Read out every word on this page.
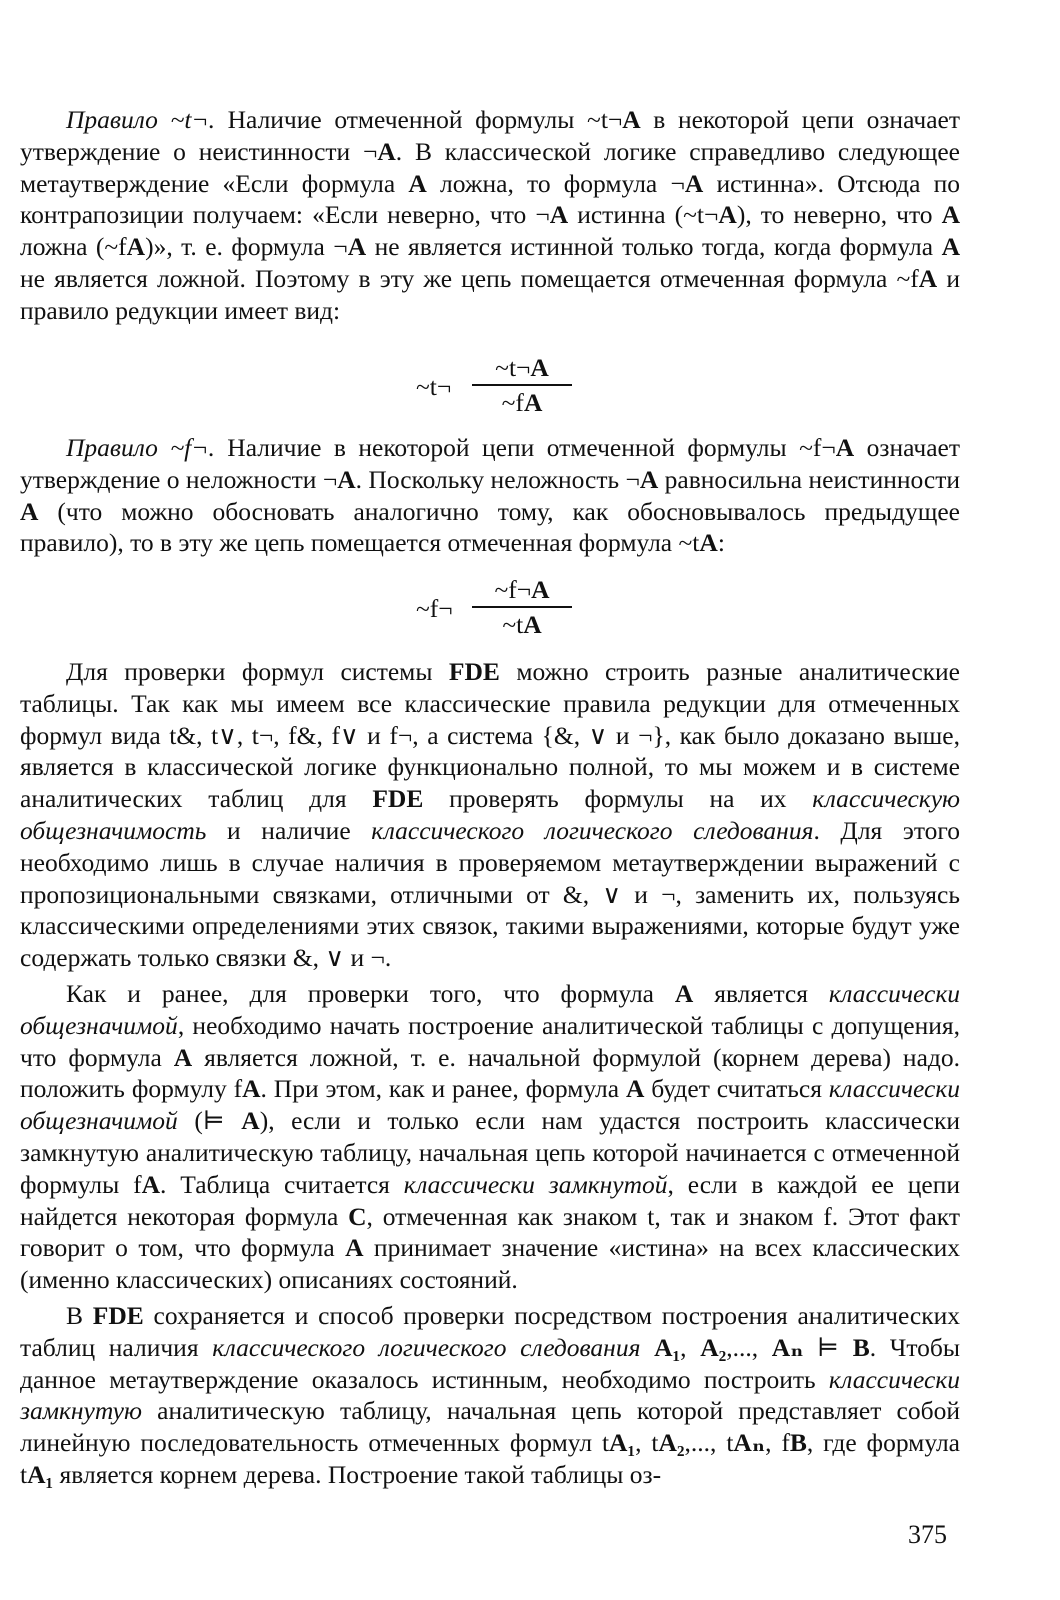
Правило ~t¬. Наличие отмеченной формулы ~t¬A в некоторой цепи означает утверждение о неистинности ¬A. В классической логике справедливо следующее метаутверждение «Если формула A ложна, то формула ¬A истинна». Отсюда по контрапозиции получаем: «Если неверно, что ¬A истинна (~t¬A), то неверно, что A ложна (~fA)», т. е. формула ¬A не является истинной только тогда, когда формула A не является ложной. Поэтому в эту же цепь помещается отмеченная формула ~fA и правило редукции имеет вид:

~t¬
~t¬A
~fA

Правило ~f¬. Наличие в некоторой цепи отмеченной формулы ~f¬A означает утверждение о неложности ¬A. Поскольку неложность ¬A равносильна неистинности A (что можно обосновать аналогично тому, как обосновывалось предыдущее правило), то в эту же цепь помещается отмеченная формула ~tA:

~f¬
~f¬A
~tA

Для проверки формул системы FDE можно строить разные аналитические таблицы. Так как мы имеем все классические правила редукции для отмеченных формул вида t&, t∨, t¬, f&, f∨ и f¬, а система {&, ∨ и ¬}, как было доказано выше, является в классической логике функционально полной, то мы можем и в системе аналитических таблиц для FDE проверять формулы на их классическую общезначимость и наличие классического логического следования. Для этого необходимо лишь в случае наличия в проверяемом метаутверждении выражений с пропозициональными связками, отличными от &, ∨ и ¬, заменить их, пользуясь классическими определениями этих связок, такими выражениями, которые будут уже содержать только связки &, ∨ и ¬.

Как и ранее, для проверки того, что формула A является классически общезначимой, необходимо начать построение аналитической таблицы с допущения, что формула A является ложной, т. е. начальной формулой (корнем дерева) надо. положить формулу fA. При этом, как и ранее, формула A будет считаться классически общезначимой (⊨ A), если и только если нам удастся построить классически замкнутую аналитическую таблицу, начальная цепь которой начинается с отмеченной формулы fA. Таблица считается классически замкнутой, если в каждой ее цепи найдется некоторая формула C, отмеченная как знаком t, так и знаком f. Этот факт говорит о том, что формула A принимает значение «истина» на всех классических (именно классических) описаниях состояний.

В FDE сохраняется и способ проверки посредством построения аналитических таблиц наличия классического логического следования A₁, A₂,..., Aₙ ⊨ B. Чтобы данное метаутверждение оказалось истинным, необходимо построить классически замкнутую аналитическую таблицу, начальная цепь которой представляет собой линейную последовательность отмеченных формул tA₁, tA₂,..., tAₙ, fB, где формула tA₁ является корнем дерева. Построение такой таблицы оз-

375
